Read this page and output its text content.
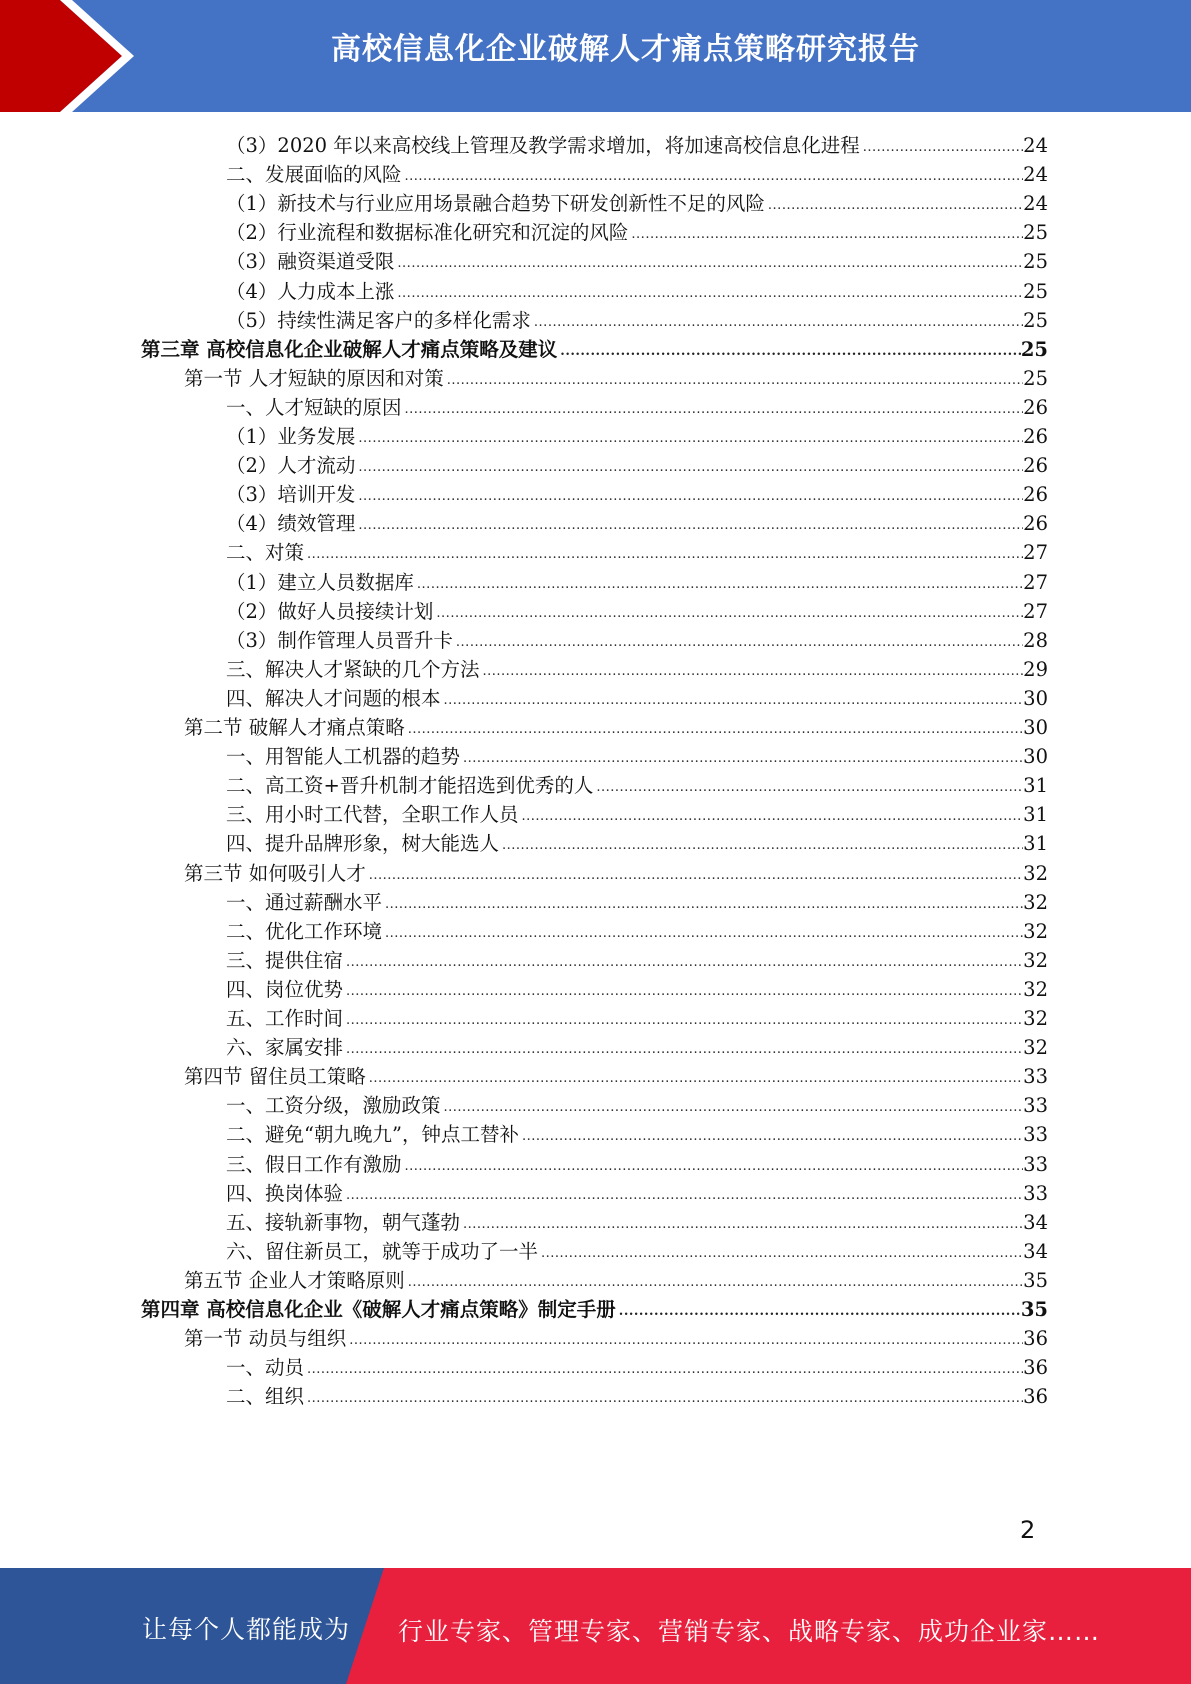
高校信息化企业破解人才痛点策略研究报告
（3）2020 年以来高校线上管理及教学需求增加，将加速高校信息化进程 .....	24
二、发展面临的风险 .....	24
（1）新技术与行业应用场景融合趋势下研发创新性不足的风险 .....	24
（2）行业流程和数据标准化研究和沉淀的风险 .....	25
（3）融资渠道受限 .....	25
（4）人力成本上涨 .....	25
（5）持续性满足客户的多样化需求 .....	25
第三章 高校信息化企业破解人才痛点策略及建议 .....	25
第一节 人才短缺的原因和对策 .....	25
一、人才短缺的原因 .....	26
（1）业务发展 .....	26
（2）人才流动 .....	26
（3）培训开发 .....	26
（4）绩效管理 .....	26
二、对策 .....	27
（1）建立人员数据库 .....	27
（2）做好人员接续计划 .....	27
（3）制作管理人员晋升卡 .....	28
三、解决人才紧缺的几个方法 .....	29
四、解决人才问题的根本 .....	30
第二节 破解人才痛点策略 .....	30
一、用智能人工机器的趋势 .....	30
二、高工资+晋升机制才能招选到优秀的人 .....	31
三、用小时工代替，全职工作人员 .....	31
四、提升品牌形象，树大能选人 .....	31
第三节 如何吸引人才 .....	32
一、通过薪酬水平 .....	32
二、优化工作环境 .....	32
三、提供住宿 .....	32
四、岗位优势 .....	32
五、工作时间 .....	32
六、家属安排 .....	32
第四节 留住员工策略 .....	33
一、工资分级，激励政策 .....	33
二、避免“朝九晚九”，钟点工替补 .....	33
三、假日工作有激励 .....	33
四、换岗体验 .....	33
五、接轨新事物，朝气蓬勃 .....	34
六、留住新员工，就等于成功了一半 .....	34
第五节 企业人才策略原则 .....	35
第四章 高校信息化企业《破解人才痛点策略》制定手册 .....	35
第一节 动员与组织 .....	36
一、动员 .....	36
二、组织 .....	36
2
让每个人都能成为 行业专家、管理专家、营销专家、战略专家、成功企业家……
